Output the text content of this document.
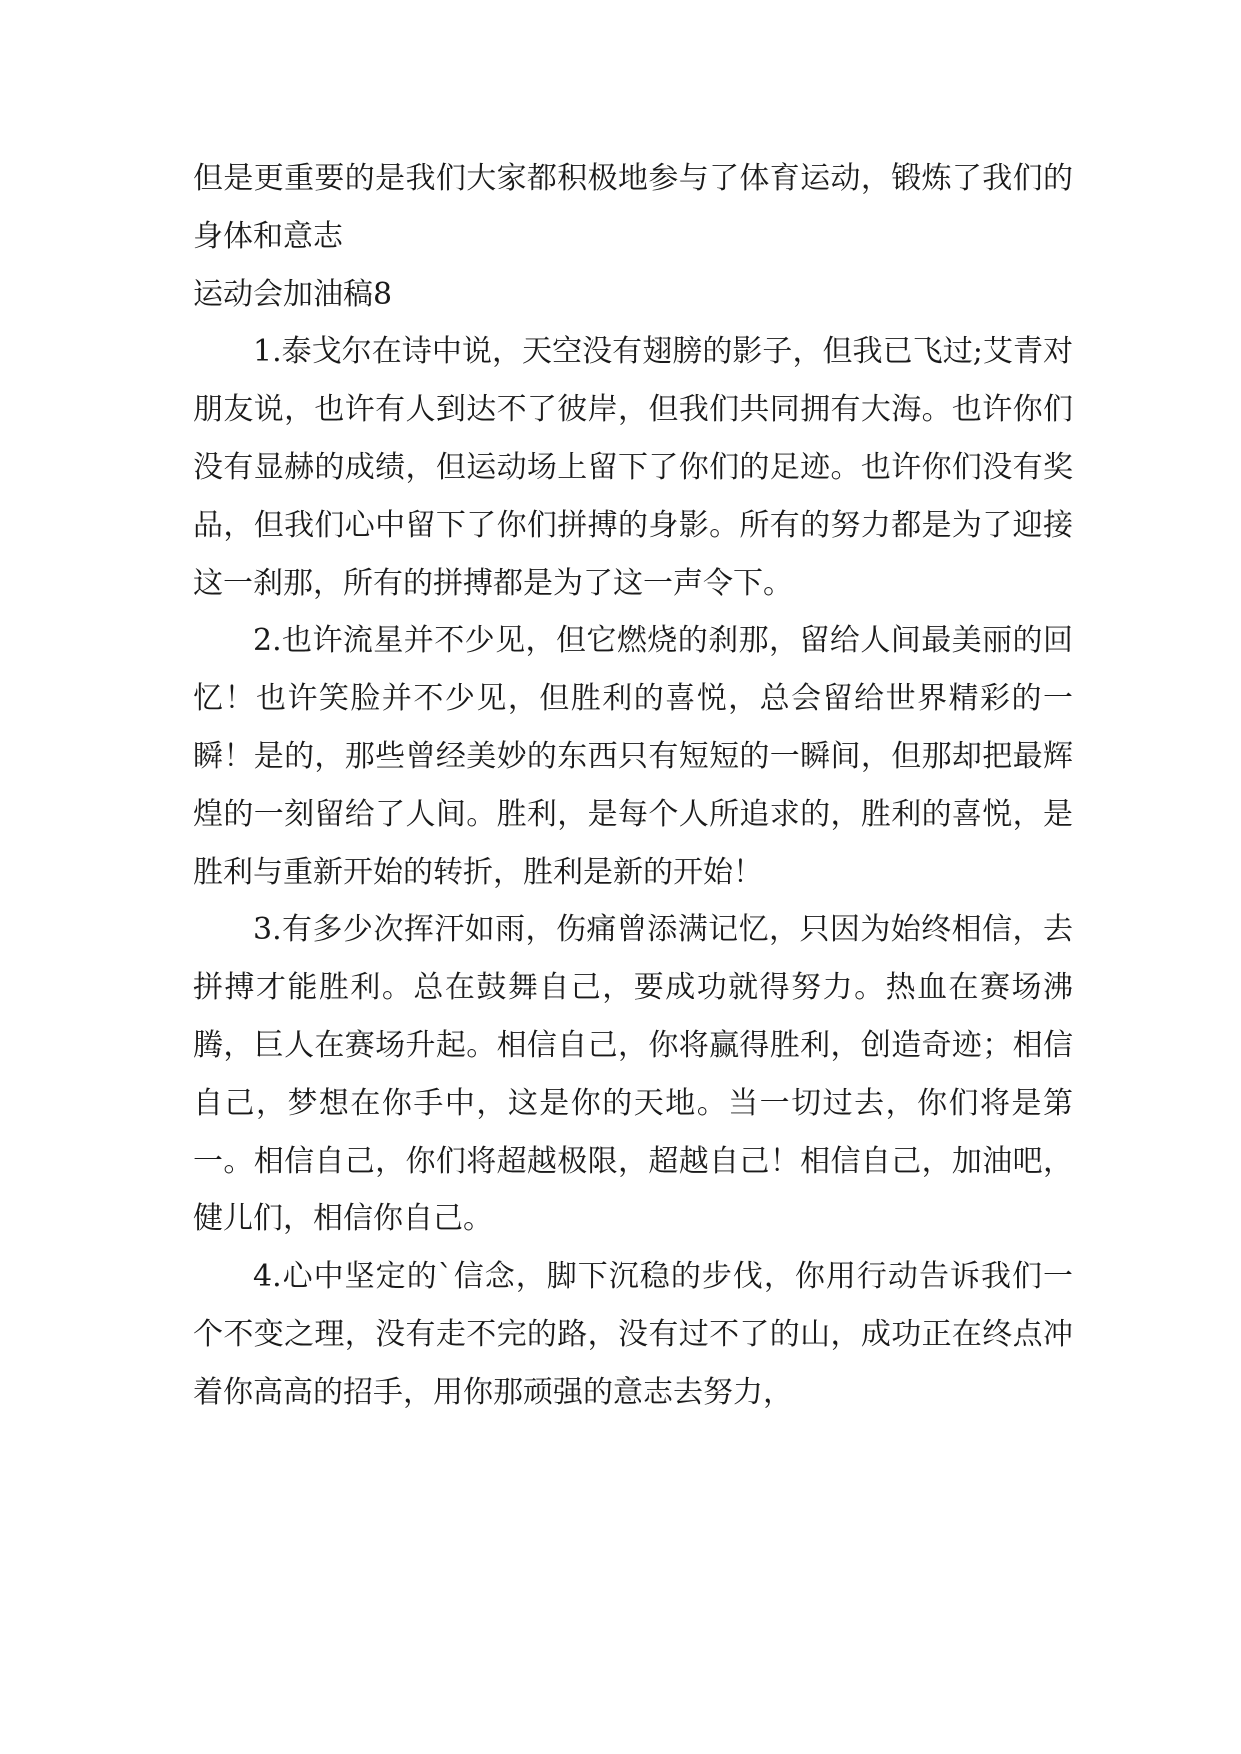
但是更重要的是我们大家都积极地参与了体育运动，锻炼了我们的身体和意志

运动会加油稿8

1.泰戈尔在诗中说，天空没有翅膀的影子，但我已飞过;艾青对朋友说，也许有人到达不了彼岸，但我们共同拥有大海。也许你们没有显赫的成绩，但运动场上留下了你们的足迹。也许你们没有奖品，但我们心中留下了你们拼搏的身影。所有的努力都是为了迎接这一刹那，所有的拼搏都是为了这一声令下。

2.也许流星并不少见，但它燃烧的刹那，留给人间最美丽的回忆！也许笑脸并不少见，但胜利的喜悦，总会留给世界精彩的一瞬！是的，那些曾经美妙的东西只有短短的一瞬间，但那却把最辉煌的一刻留给了人间。胜利，是每个人所追求的，胜利的喜悦，是胜利与重新开始的转折，胜利是新的开始！

3.有多少次挥汗如雨，伤痛曾添满记忆，只因为始终相信，去拼搏才能胜利。总在鼓舞自己，要成功就得努力。热血在赛场沸腾，巨人在赛场升起。相信自己，你将赢得胜利，创造奇迹；相信自己，梦想在你手中，这是你的天地。当一切过去，你们将是第一。相信自己，你们将超越极限，超越自己！相信自己，加油吧，健儿们，相信你自己。

4.心中坚定的`信念，脚下沉稳的步伐，你用行动告诉我们一个不变之理，没有走不完的路，没有过不了的山，成功正在终点冲着你高高的招手，用你那顽强的意志去努力，
